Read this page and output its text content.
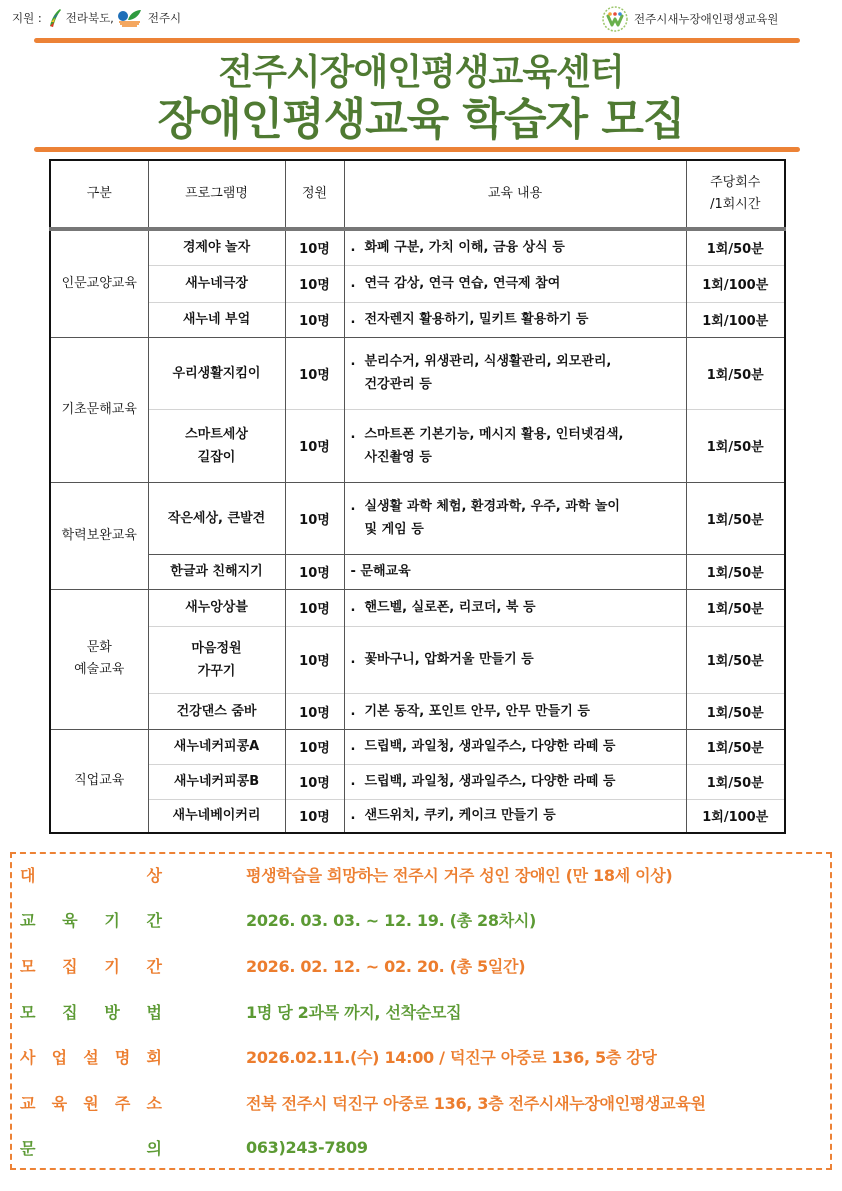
지원 : 전라북도,	전주시	전주시새누장애인평생교육원
전주시장애인평생교육센터
장애인평생교육 학습자 모집
구분	프로그램명	정원	교육 내용	주당회수
/1회시간
인문교양교육	경제야 놀자	10명	. 화폐 구분, 가치 이해, 금융 상식 등	1회/50분
	새누네극장	10명	. 연극 감상, 연극 연습, 연극제 참여	1회/100분
	새누네 부엌	10명	. 전자렌지 활용하기, 밀키트 활용하기 등	1회/100분
기초문해교육	우리생활지킴이	10명	. 분리수거, 위생관리, 식생활관리, 외모관리,
건강관리 등	1회/50분
	스마트세상
길잡이	10명	. 스마트폰 기본기능, 메시지 활용, 인터넷검색,
사진촬영 등	1회/50분
학력보완교육	작은세상, 큰발견	10명	. 실생활 과학 체험, 환경과학, 우주, 과학 놀이
및 게임 등	1회/50분
	한글과 친해지기	10명	- 문해교육	1회/50분
문화
예술교육	새누앙상블	10명	. 핸드벨, 실로폰, 리코더, 북 등	1회/50분
	마음정원
가꾸기	10명	. 꽃바구니, 압화거울 만들기 등	1회/50분
	건강댄스 줌바	10명	. 기본 동작, 포인트 안무, 안무 만들기 등	1회/50분
직업교육	새누네커피콩A	10명	. 드립백, 과일청, 생과일주스, 다양한 라떼 등	1회/50분
	새누네커피콩B	10명	. 드립백, 과일청, 생과일주스, 다양한 라떼 등	1회/50분
	새누네베이커리	10명	. 샌드위치, 쿠키, 케이크 만들기 등	1회/100분
대	상	평생학습을 희망하는 전주시 거주 성인 장애인 (만 18세 이상)
교 육 기 간	2026. 03. 03. ~ 12. 19. (총 28차시)
모 집 기 간	2026. 02. 12. ~ 02. 20. (총 5일간)
모 집 방 법	1명 당 2과목 까지, 선착순모집
사 업 설 명 회	2026.02.11.(수) 14:00 / 덕진구 아중로 136, 5층 강당
교 육 원 주 소	전북 전주시 덕진구 아중로 136, 3층 전주시새누장애인평생교육원
문	의	063)243-7809
